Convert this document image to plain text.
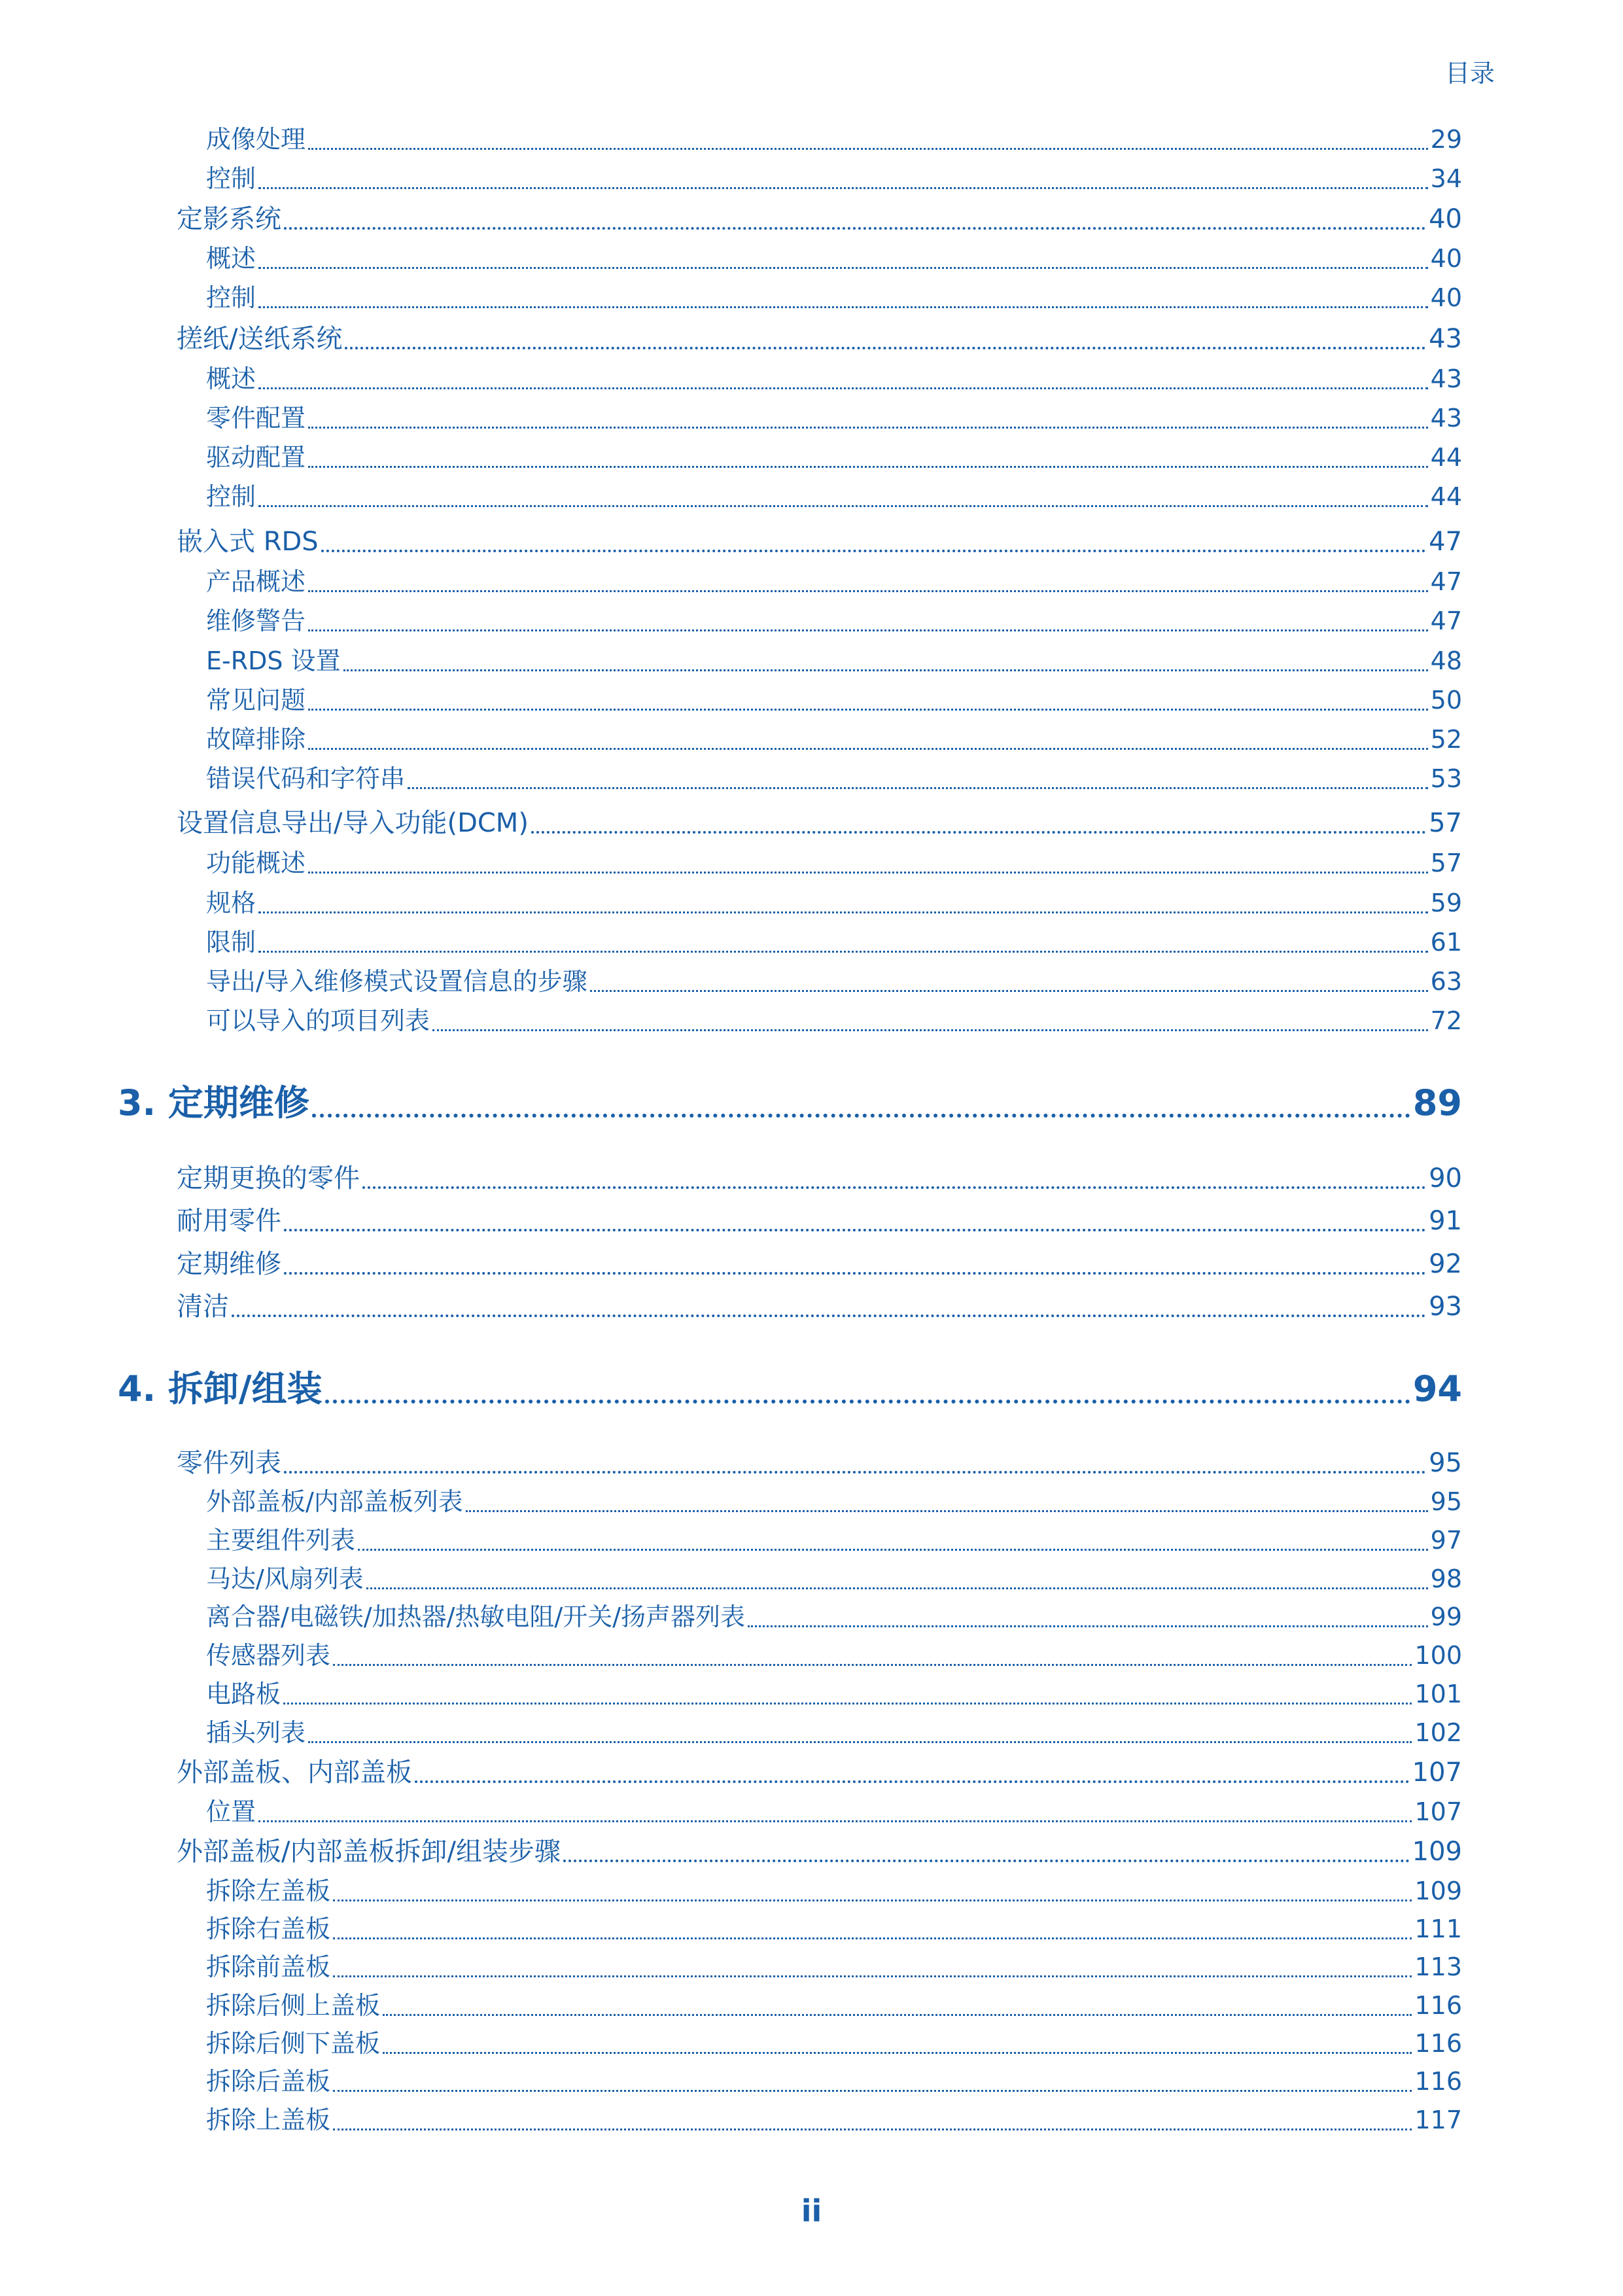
目录
成像处理	29
控制	34
定影系统	40
概述	40
控制	40
搓纸/送纸系统	43
概述	43
零件配置	43
驱动配置	44
控制	44
嵌入式 RDS	47
产品概述	47
维修警告	47
E-RDS 设置	48
常见问题	50
故障排除	52
错误代码和字符串	53
设置信息导出/导入功能(DCM)	57
功能概述	57
规格	59
限制	61
导出/导入维修模式设置信息的步骤	63
可以导入的项目列表	72
3. 定期维修	89
定期更换的零件	90
耐用零件	91
定期维修	92
清洁	93
4. 拆卸/组装	94
零件列表	95
外部盖板/内部盖板列表	95
主要组件列表	97
马达/风扇列表	98
离合器/电磁铁/加热器/热敏电阻/开关/扬声器列表	99
传感器列表	100
电路板	101
插头列表	102
外部盖板、内部盖板	107
位置	107
外部盖板/内部盖板拆卸/组装步骤	109
拆除左盖板	109
拆除右盖板	111
拆除前盖板	113
拆除后侧上盖板	116
拆除后侧下盖板	116
拆除后盖板	116
拆除上盖板	117
ii
